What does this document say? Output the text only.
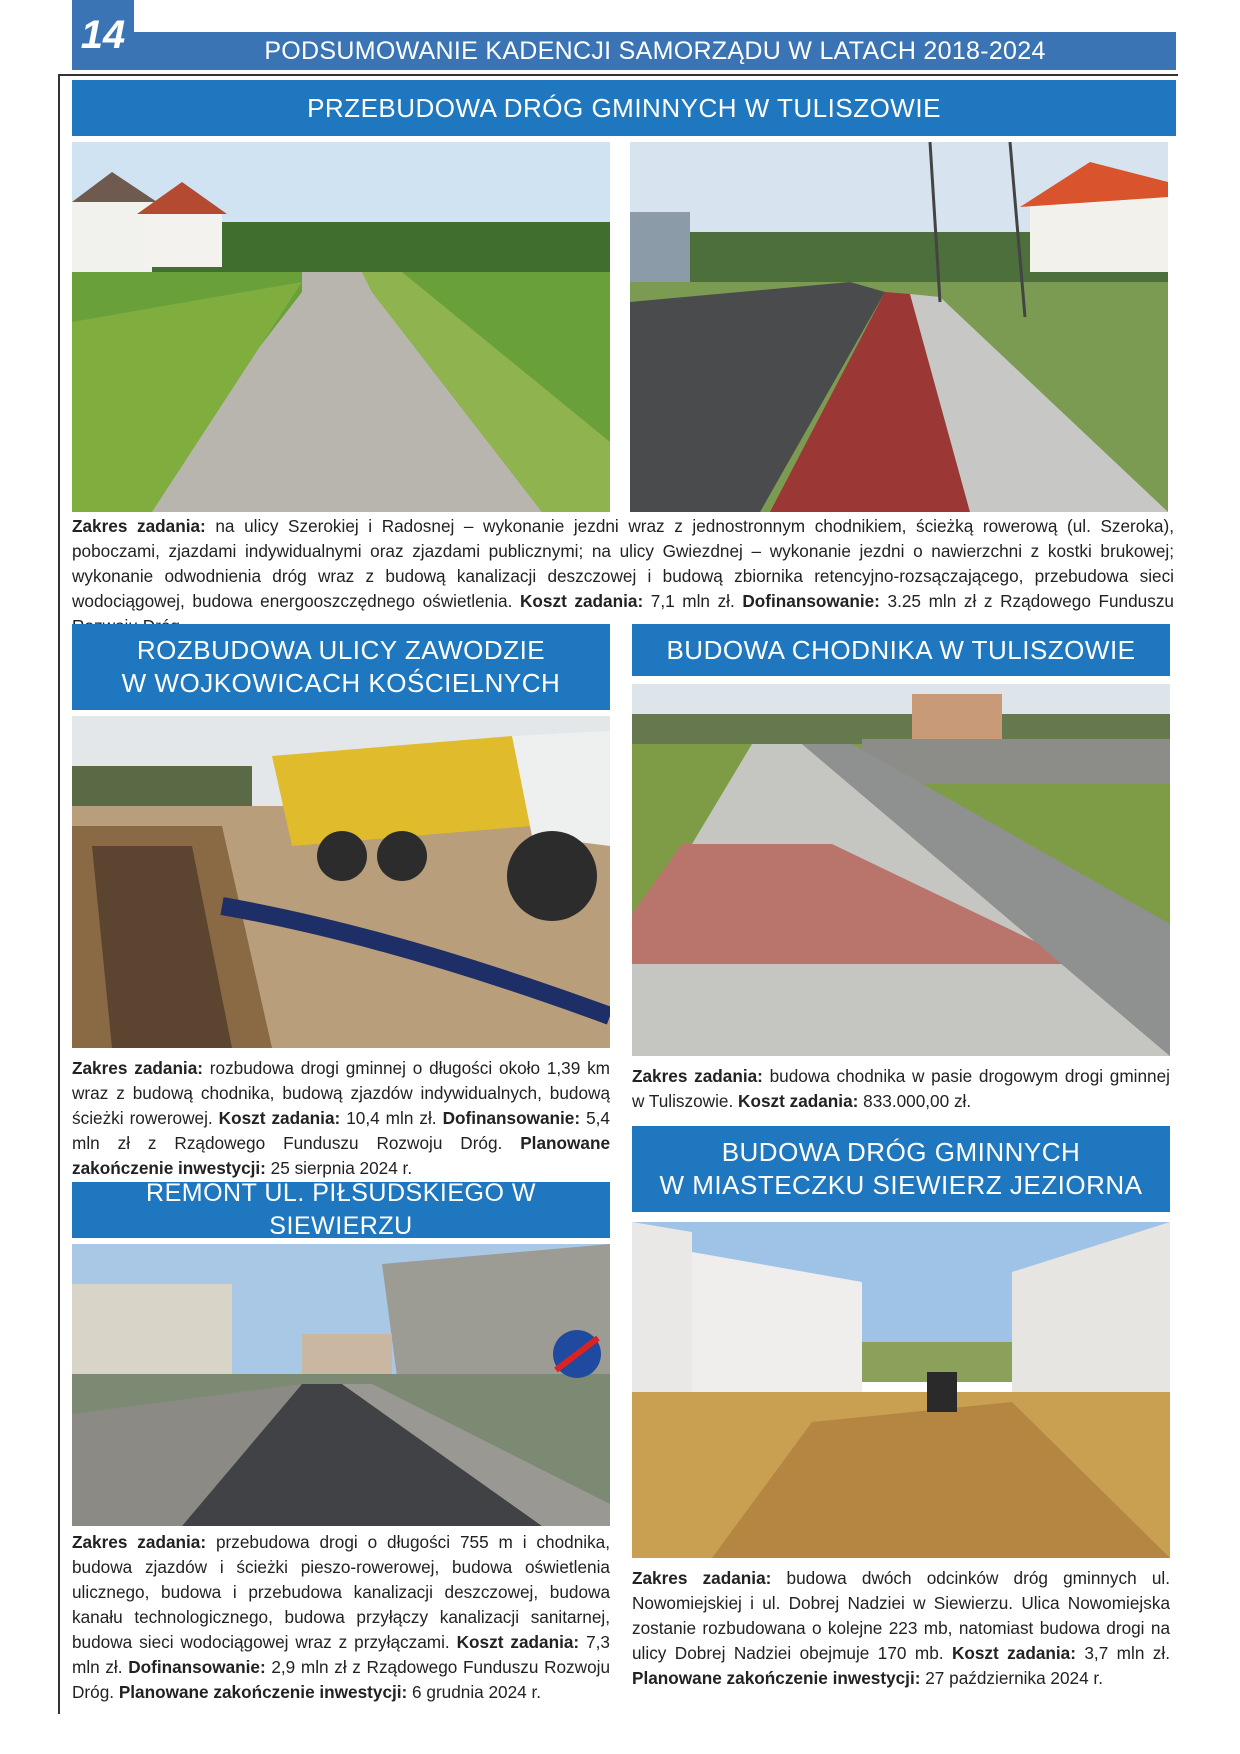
14	PODSUMOWANIE KADENCJI SAMORZĄDU W LATACH 2018-2024
PRZEBUDOWA DRÓG GMINNYCH W TULISZOWIE
Zakres zadania: na ulicy Szerokiej i Radosnej – wykonanie jezdni wraz z jednostronnym chodnikiem, ścieżką rowerową (ul. Szeroka), poboczami, zjazdami indywidualnymi oraz zjazdami publicznymi; na ulicy Gwiezdnej – wykonanie jezdni o nawierzchni z kostki brukowej; wykonanie odwodnienia dróg wraz z budową kanalizacji deszczowej i budową zbiornika retencyjno-rozsączającego, przebudowa sieci wodociągowej, budowa energooszczędnego oświetlenia. Koszt zadania: 7,1 mln zł. Dofinansowanie: 3.25 mln zł z Rządowego Funduszu
ROZBUDOWA ULICY ZAWODZIE
W WOJKOWICACH KOŚCIELNYCH
Zakres zadania: rozbudowa drogi gminnej o długości około 1,39 km wraz z budową chodnika, budową zjazdów indywidualnych, budową ścieżki rowerowej. Koszt zadania: 10,4 mln zł. Dofinansowanie: 5,4 mln zł z Rządowego Funduszu Rozwoju Dróg. Planowane zakończenie inwestycji: 25 sierpnia 2024 r.
BUDOWA CHODNIKA W TULISZOWIE
Zakres zadania: budowa chodnika w pasie drogowym drogi gminnej w Tuliszowie. Koszt zadania: 833.000,00 zł.
REMONT UL. PIŁSUDSKIEGO W SIEWIERZU
Zakres zadania: przebudowa drogi o długości 755 m i chodnika, budowa zjazdów i ścieżki pieszo-rowerowej, budowa oświetlenia ulicznego, budowa i przebudowa kanalizacji deszczowej, budowa kanału technologicznego, budowa przyłączy kanalizacji sanitarnej, budowa sieci wodociągowej wraz z przyłączami. Koszt zadania: 7,3 mln zł. Dofinansowanie: 2,9 mln zł z Rządowego Funduszu Rozwoju Dróg. Planowane zakończenie inwestycji: 6 grudnia 2024 r.
BUDOWA DRÓG GMINNYCH
W MIASTECZKU SIEWIERZ JEZIORNA
Zakres zadania: budowa dwóch odcinków dróg gminnych ul. Nowomiejskiej i ul. Dobrej Nadziei w Siewierzu. Ulica Nowomiejska zostanie rozbudowana o kolejne 223 mb, natomiast budowa drogi na ulicy Dobrej Nadziei obejmuje 170 mb. Koszt zadania: 3,7 mln zł. Planowane zakończenie inwestycji: 27 października 2024 r.
